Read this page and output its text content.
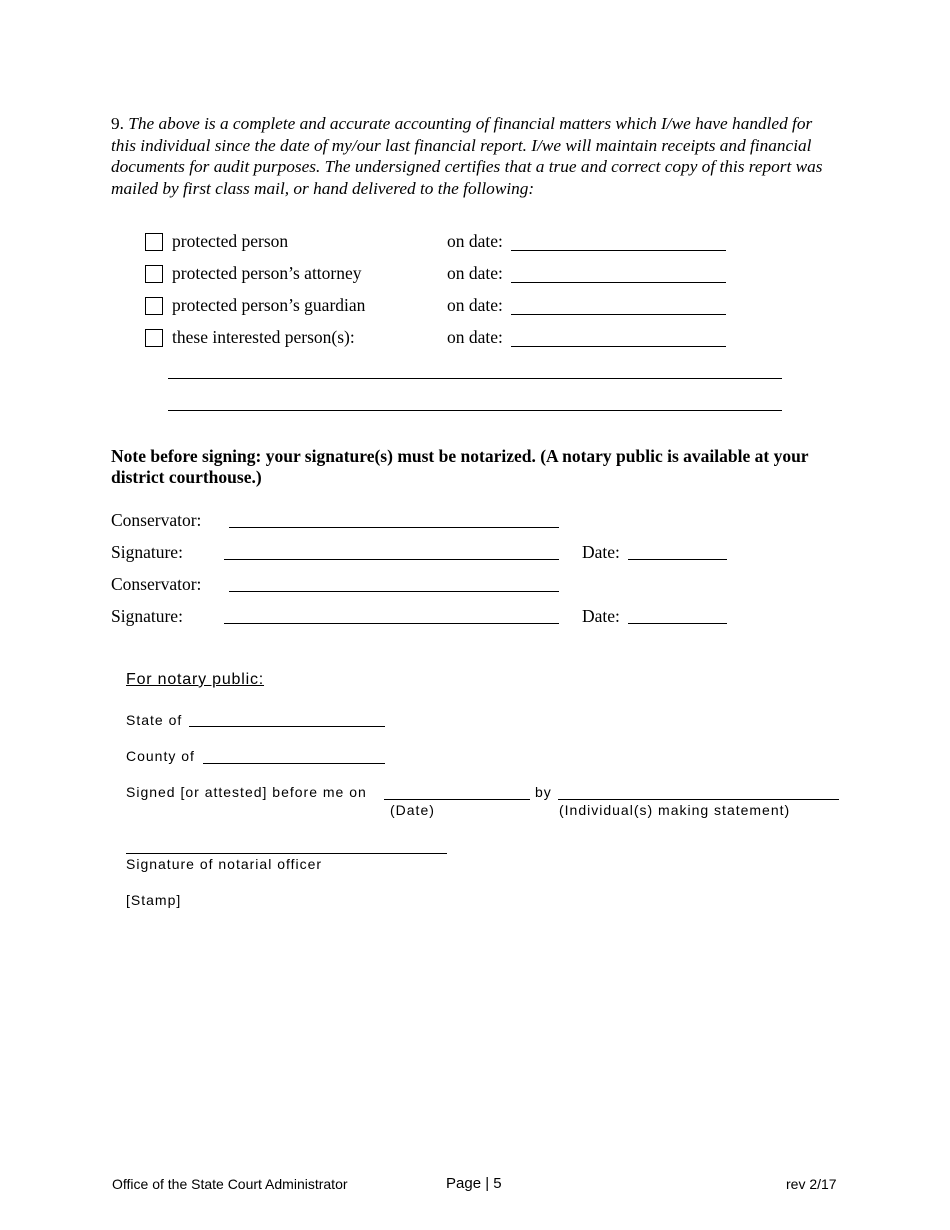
9. The above is a complete and accurate accounting of financial matters which I/we have handled for this individual since the date of my/our last financial report. I/we will maintain receipts and financial documents for audit purposes. The undersigned certifies that a true and correct copy of this report was mailed by first class mail, or hand delivered to the following:
protected person	on date:
protected person’s attorney	on date:
protected person’s guardian	on date:
these interested person(s):	on date:
Note before signing: your signature(s) must be notarized. (A notary public is available at your district courthouse.)
Conservator:
Signature:	Date:
Conservator:
Signature:	Date:
For notary public:
State of
County of
Signed [or attested] before me on	by
(Date)	(Individual(s) making statement)
Signature of notarial officer
[Stamp]
Office of the State Court Administrator	Page | 5	rev 2/17
